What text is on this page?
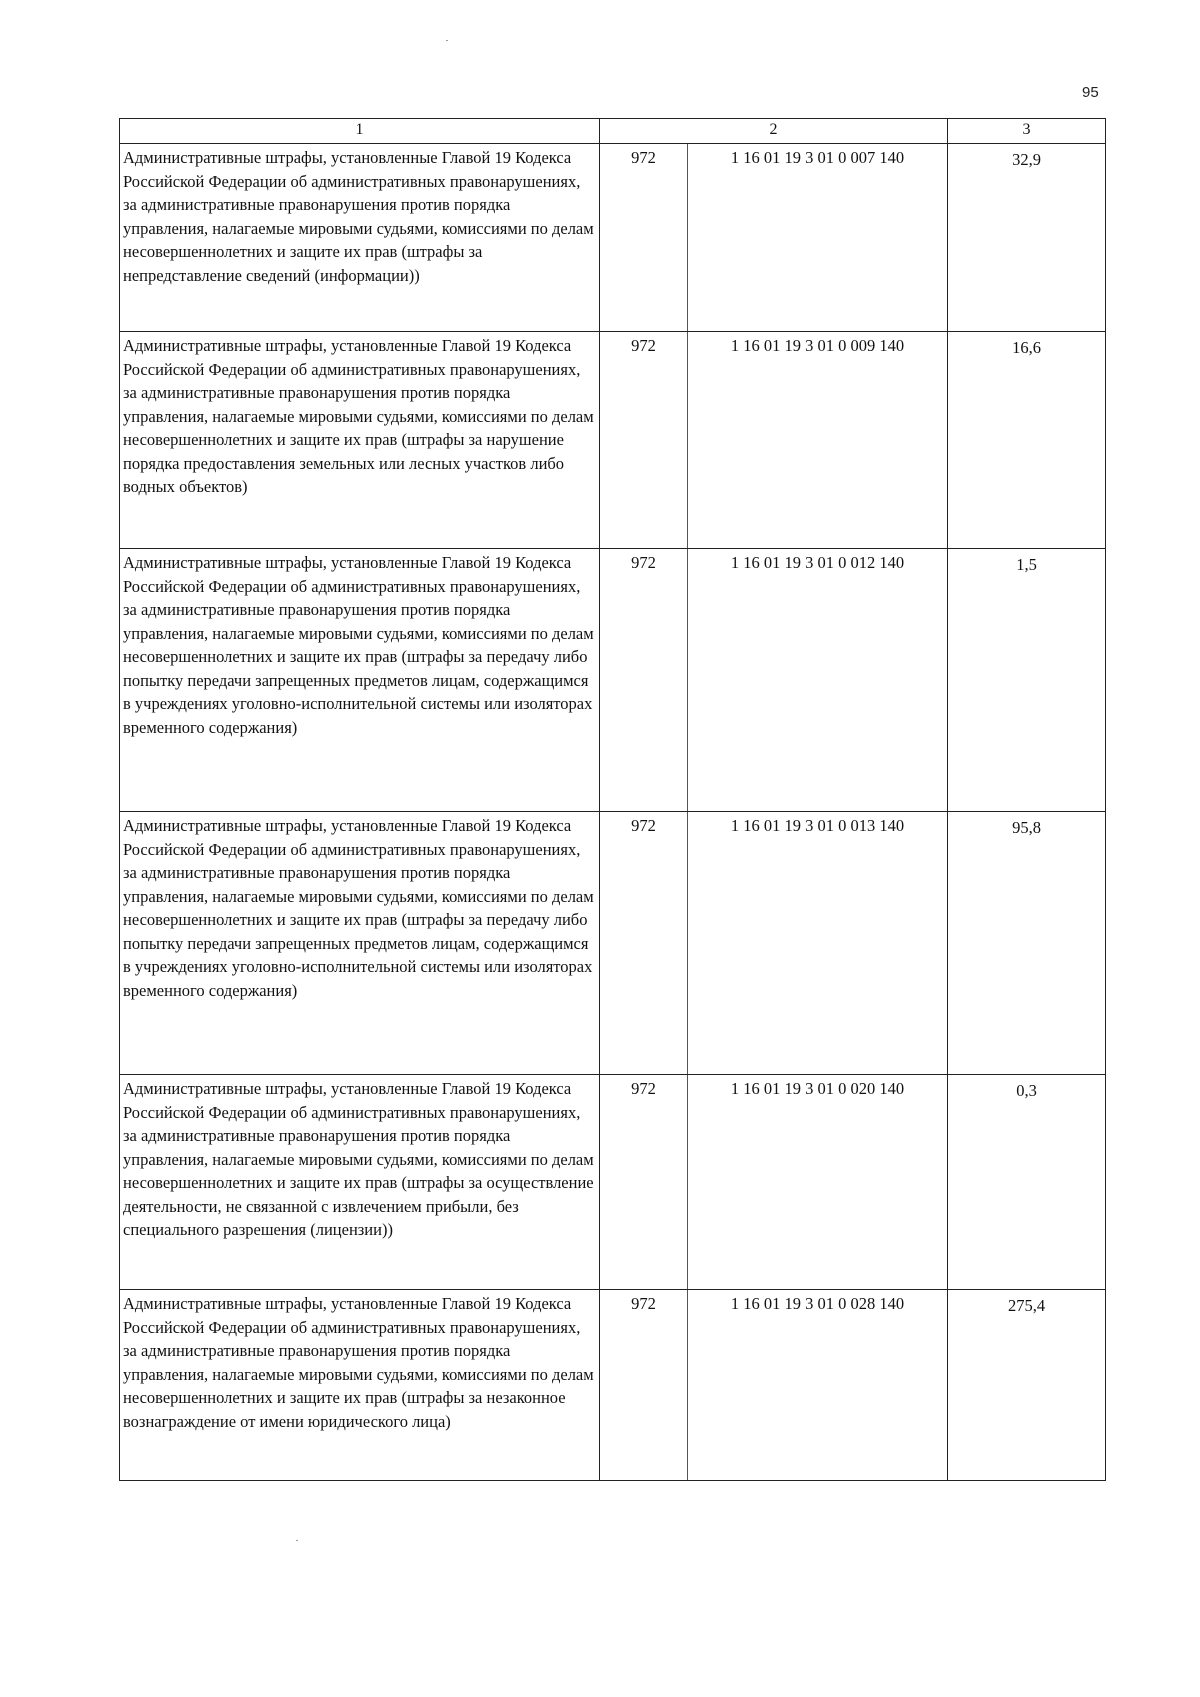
95
1	2		3
Административные штрафы, установленные Главой 19 Кодекса Российской Федерации об административных правонарушениях, за административные правонарушения против порядка управления, налагаемые мировыми судьями, комиссиями по делам несовершеннолетних и защите их прав (штрафы за непредставление сведений (информации))	972	1 16 01 19 3 01 0 007 140	32,9
Административные штрафы, установленные Главой 19 Кодекса Российской Федерации об административных правонарушениях, за административные правонарушения против порядка управления, налагаемые мировыми судьями, комиссиями по делам несовершеннолетних и защите их прав (штрафы за нарушение порядка предоставления земельных или лесных участков либо водных объектов)	972	1 16 01 19 3 01 0 009 140	16,6
Административные штрафы, установленные Главой 19 Кодекса Российской Федерации об административных правонарушениях, за административные правонарушения против порядка управления, налагаемые мировыми судьями, комиссиями по делам несовершеннолетних и защите их прав (штрафы за передачу либо попытку передачи запрещенных предметов лицам, содержащимся в учреждениях уголовно-исполнительной системы или изоляторах временного содержания)	972	1 16 01 19 3 01 0 012 140	1,5
Административные штрафы, установленные Главой 19 Кодекса Российской Федерации об административных правонарушениях, за административные правонарушения против порядка управления, налагаемые мировыми судьями, комиссиями по делам несовершеннолетних и защите их прав (штрафы за передачу либо попытку передачи запрещенных предметов лицам, содержащимся в учреждениях уголовно-исполнительной системы или изоляторах временного содержания)	972	1 16 01 19 3 01 0 013 140	95,8
Административные штрафы, установленные Главой 19 Кодекса Российской Федерации об административных правонарушениях, за административные правонарушения против порядка управления, налагаемые мировыми судьями, комиссиями по делам несовершеннолетних и защите их прав (штрафы за осуществление деятельности, не связанной с извлечением прибыли, без специального разрешения (лицензии))	972	1 16 01 19 3 01 0 020 140	0,3
Административные штрафы, установленные Главой 19 Кодекса Российской Федерации об административных правонарушениях, за административные правонарушения против порядка управления, налагаемые мировыми судьями, комиссиями по делам несовершеннолетних и защите их прав (штрафы за незаконное вознаграждение от имени юридического лица)	972	1 16 01 19 3 01 0 028 140	275,4
